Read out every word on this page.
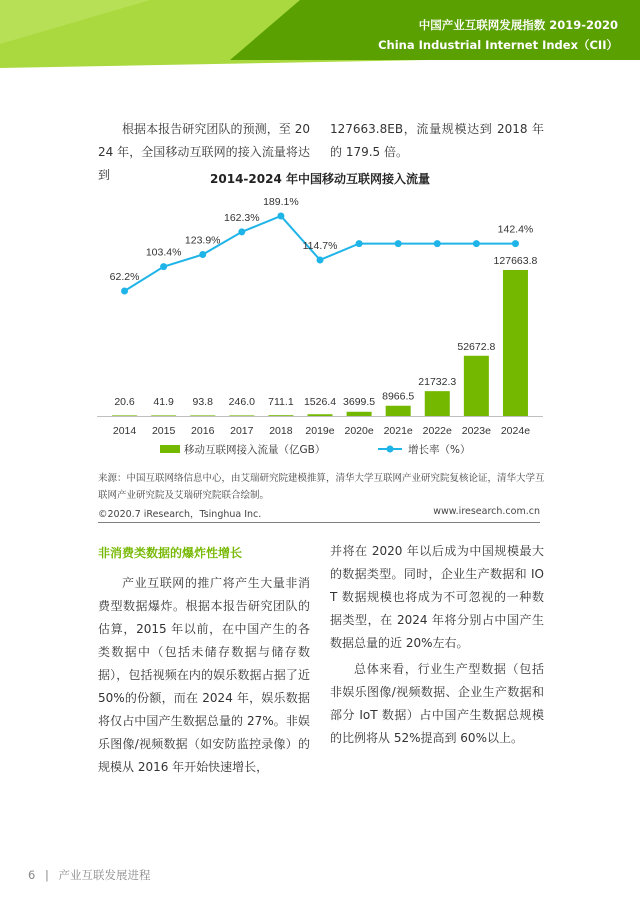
中国产业互联网发展指数 2019-2020
China Industrial Internet Index（CII）
根据本报告研究团队的预测，至 2024 年，全国移动互联网的接入流量将达到
127663.8EB，流量规模达到 2018 年的 179.5 倍。
2014-2024 年中国移动互联网接入流量
20.6 41.9 93.8 246.0 711.1 1526.4 3699.5 8966.5
21732.3
52672.8
127663.8
2014 2015 2016 2017 2018 2019e 2020e 2021e 2022e 2023e 2024e
62.2%
103.4%
123.9%
162.3%
189.1%
114.7%
142.4%
移动互联网接入流量（亿GB）	增长率（%）
来源：中国互联网络信息中心，由艾瑞研究院建模推算，清华大学互联网产业研究院复核论证，清华大学互联网产业研究院及艾瑞研究院联合绘制。
©2020.7 iResearch，Tsinghua Inc.	www.iresearch.com.cn
非消费类数据的爆炸性增长
产业互联网的推广将产生大量非消费型数据爆炸。根据本报告研究团队的估算，2015 年以前，在中国产生的各类数据中（包括未储存数据与储存数据），包括视频在内的娱乐数据占据了近 50%的份额，而在 2024 年，娱乐数据将仅占中国产生数据总量的 27%。非娱乐图像/视频数据（如安防监控录像）的规模从 2016 年开始快速增长，
并将在 2020 年以后成为中国规模最大的数据类型。同时，企业生产数据和 IOT 数据规模也将成为不可忽视的一种数据类型，在 2024 年将分别占中国产生数据总量的近 20%左右。
总体来看，行业生产型数据（包括非娱乐图像/视频数据、企业生产数据和部分 IoT 数据）占中国产生数据总规模的比例将从 52%提高到 60%以上。
6 | 产业互联发展进程
